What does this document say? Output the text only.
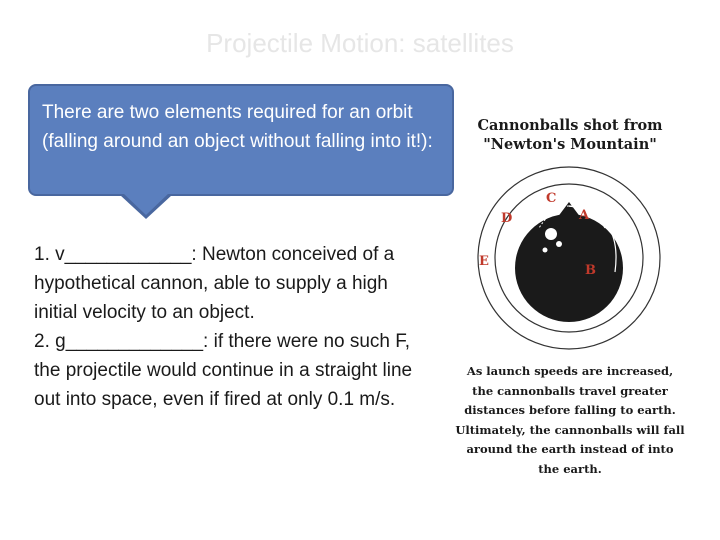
Projectile Motion: satellites
There are two elements required for an orbit (falling around an object without falling into it!):

1. v____________: Newton conceived of a hypothetical cannon, able to supply a high initial velocity to an object.

2. g_____________: if there were no such F, the projectile would continue in a straight line out into space, even if fired at only 0.1 m/s.

A
B
C
D
E
Cannonballs shot from
"Newton's Mountain"
As launch speeds are increased, the cannonballs travel greater distances before falling to earth. Ultimately, the cannonballs will fall around the earth instead of into the earth.
